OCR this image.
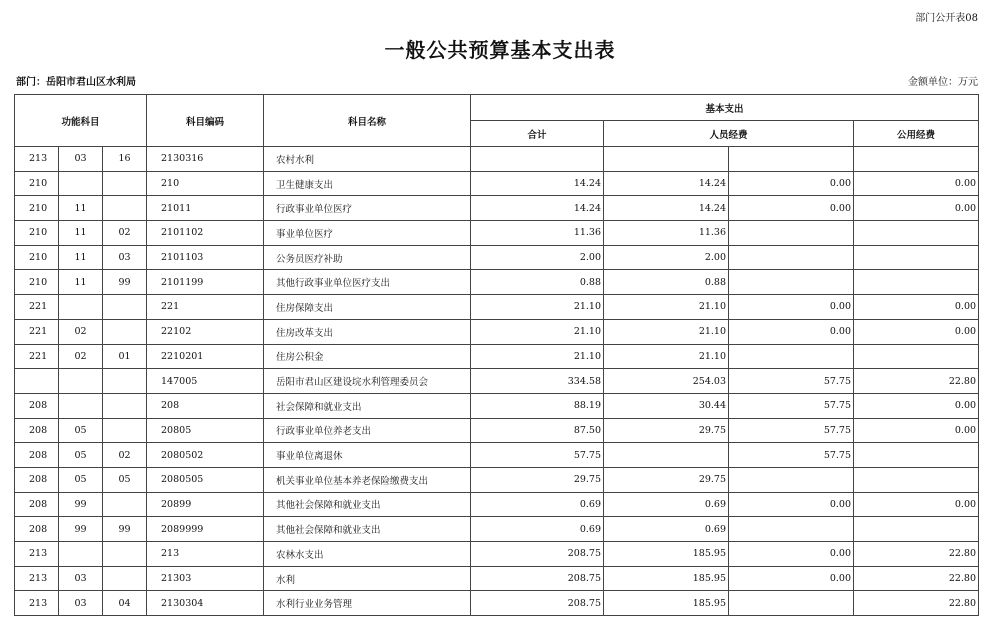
部门公开表08
一般公共预算基本支出表
部门：岳阳市君山区水利局	金额单位：万元
功能科目			科目编码	科目名称	基本支出			
					合计	人员经费		公用经费
213	03	16	2130316	农村水利				
210			210	卫生健康支出	14.24	14.24	0.00	0.00
210	11		21011	行政事业单位医疗	14.24	14.24	0.00	0.00
210	11	02	2101102	事业单位医疗	11.36	11.36		
210	11	03	2101103	公务员医疗补助	2.00	2.00		
210	11	99	2101199	其他行政事业单位医疗支出	0.88	0.88		
221			221	住房保障支出	21.10	21.10	0.00	0.00
221	02		22102	住房改革支出	21.10	21.10	0.00	0.00
221	02	01	2210201	住房公积金	21.10	21.10		
			147005	岳阳市君山区建设垸水利管理委员会	334.58	254.03	57.75	22.80
208			208	社会保障和就业支出	88.19	30.44	57.75	0.00
208	05		20805	行政事业单位养老支出	87.50	29.75	57.75	0.00
208	05	02	2080502	事业单位离退休	57.75		57.75	
208	05	05	2080505	机关事业单位基本养老保险缴费支出	29.75	29.75		
208	99		20899	其他社会保障和就业支出	0.69	0.69	0.00	0.00
208	99	99	2089999	其他社会保障和就业支出	0.69	0.69		
213			213	农林水支出	208.75	185.95	0.00	22.80
213	03		21303	水利	208.75	185.95	0.00	22.80
213	03	04	2130304	水利行业业务管理	208.75	185.95		22.80
